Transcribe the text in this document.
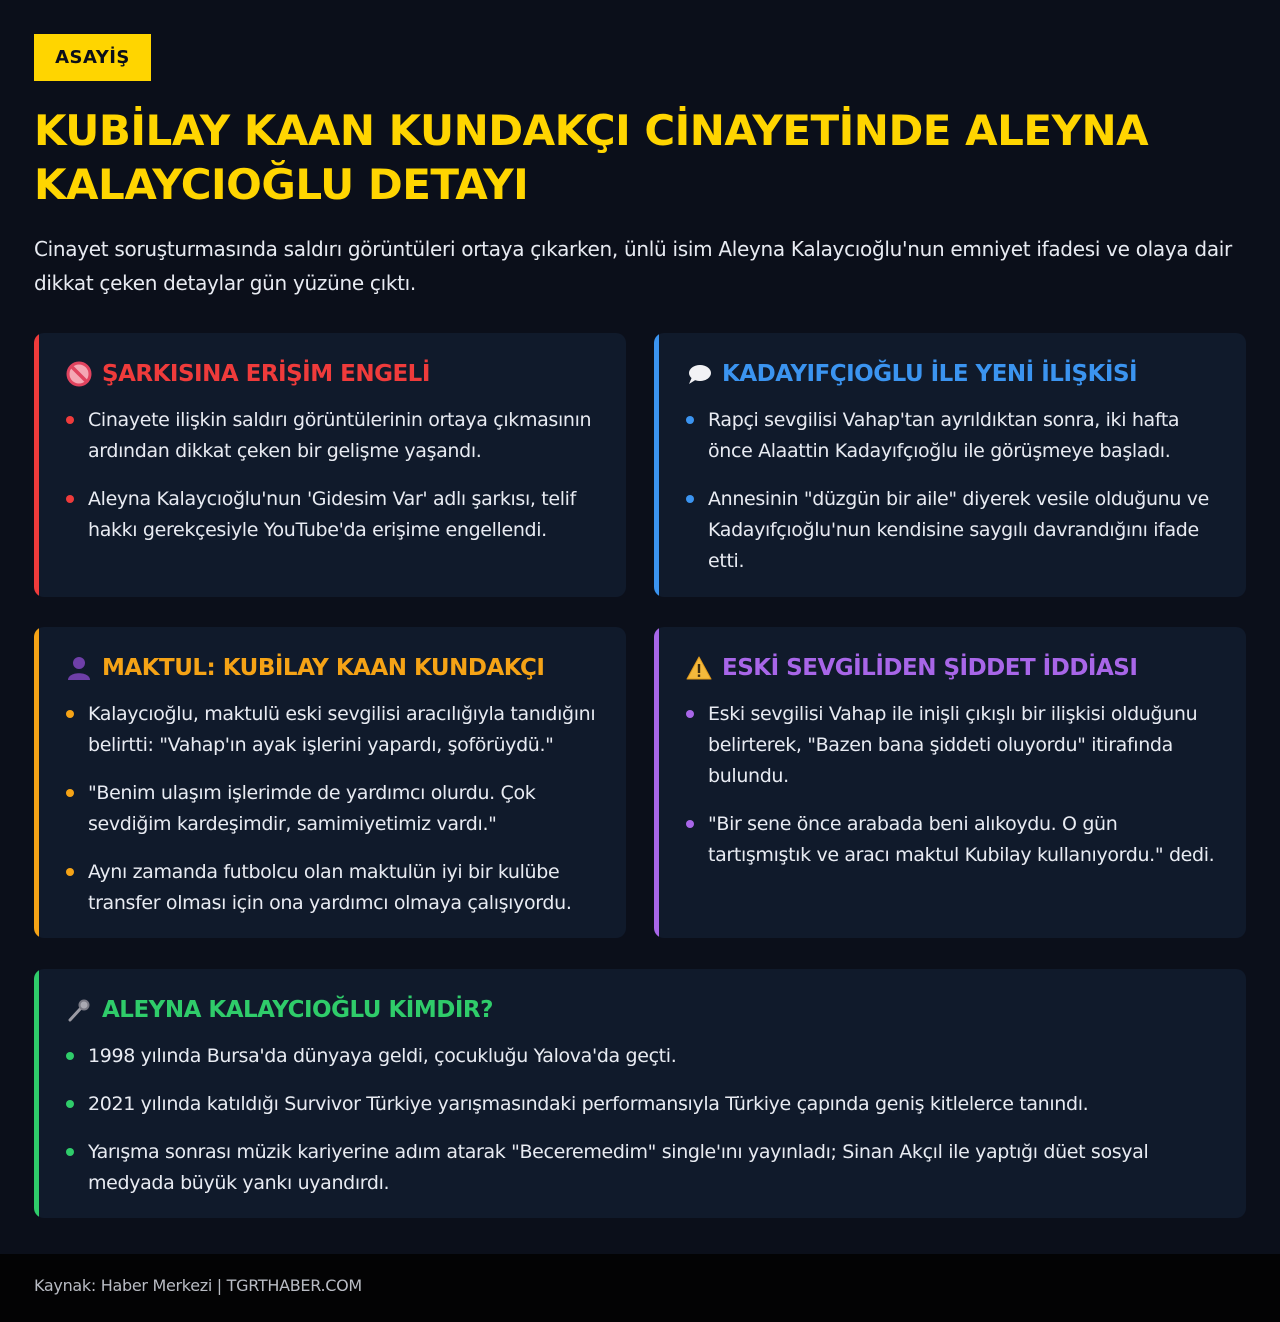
ASAYİŞ
KUBİLAY KAAN KUNDAKÇI CİNAYETİNDE ALEYNA KALAYCIOĞLU DETAYI

Cinayet soruşturmasında saldırı görüntüleri ortaya çıkarken, ünlü isim Aleyna Kalaycıoğlu'nun emniyet ifadesi ve olaya dair dikkat çeken detaylar gün yüzüne çıktı.

ŞARKISINA ERİŞİM ENGELİ
Cinayete ilişkin saldırı görüntülerinin ortaya çıkmasının ardından dikkat çeken bir gelişme yaşandı.
Aleyna Kalaycıoğlu'nun 'Gidesim Var' adlı şarkısı, telif hakkı gerekçesiyle YouTube'da erişime engellendi.
KADAYIFÇIOĞLU İLE YENİ İLİŞKİSİ
Rapçi sevgilisi Vahap'tan ayrıldıktan sonra, iki hafta önce Alaattin Kadayıfçıoğlu ile görüşmeye başladı.
Annesinin "düzgün bir aile" diyerek vesile olduğunu ve Kadayıfçıoğlu'nun kendisine saygılı davrandığını ifade etti.
MAKTUL: KUBİLAY KAAN KUNDAKÇI
Kalaycıoğlu, maktulü eski sevgilisi aracılığıyla tanıdığını belirtti: "Vahap'ın ayak işlerini yapardı, şoförüydü."
"Benim ulaşım işlerimde de yardımcı olurdu. Çok sevdiğim kardeşimdir, samimiyetimiz vardı."
Aynı zamanda futbolcu olan maktulün iyi bir kulübe transfer olması için ona yardımcı olmaya çalışıyordu.
ESKİ SEVGİLİDEN ŞİDDET İDDİASI
Eski sevgilisi Vahap ile inişli çıkışlı bir ilişkisi olduğunu belirterek, "Bazen bana şiddeti oluyordu" itirafında bulundu.
"Bir sene önce arabada beni alıkoydu. O gün tartışmıştık ve aracı maktul Kubilay kullanıyordu." dedi.
ALEYNA KALAYCIOĞLU KİMDİR?
1998 yılında Bursa'da dünyaya geldi, çocukluğu Yalova'da geçti.
2021 yılında katıldığı Survivor Türkiye yarışmasındaki performansıyla Türkiye çapında geniş kitlelerce tanındı.
Yarışma sonrası müzik kariyerine adım atarak "Beceremedim" single'ını yayınladı; Sinan Akçıl ile yaptığı düet sosyal medyada büyük yankı uyandırdı.
Kaynak: Haber Merkezi | TGRTHABER.COM
